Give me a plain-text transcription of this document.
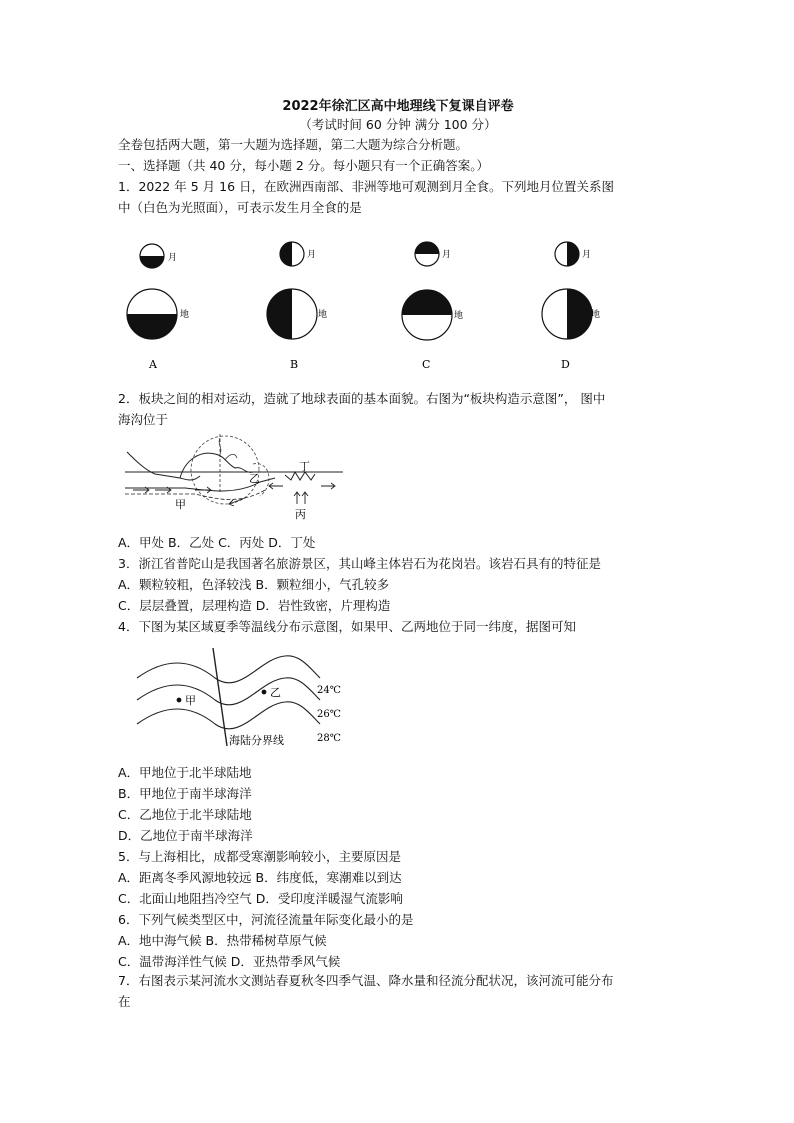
2022年徐汇区高中地理线下复课自评卷
（考试时间 60 分钟 满分 100 分）

全卷包括两大题，第一大题为选择题，第二大题为综合分析题。

一、选择题（共 40 分，每小题 2 分。每小题只有一个正确答案。）

1．2022 年 5 月 16 日，在欧洲西南部、非洲等地可观测到月全食。下列地月位置关系图

中（白色为光照面），可表示发生月全食的是

月
地
A
月
地
B
月
地
C
月
地
D

2．板块之间的相对运动，造就了地球表面的基本面貌。右图为“板块构造示意图”， 图中

海沟位于

甲
乙
丙
丁

A．甲处 B．乙处 C．丙处 D．丁处

3．浙江省普陀山是我国著名旅游景区，其山峰主体岩石为花岗岩。该岩石具有的特征是

A．颗粒较粗，色泽较浅 B．颗粒细小，气孔较多

C．层层叠置，层理构造 D．岩性致密，片理构造

4．下图为某区域夏季等温线分布示意图，如果甲、乙两地位于同一纬度，据图可知

甲
乙	24℃
26℃
28℃
海陆分界线

A．甲地位于北半球陆地

B．甲地位于南半球海洋

C．乙地位于北半球陆地

D．乙地位于南半球海洋

5．与上海相比，成都受寒潮影响较小，主要原因是

A．距离冬季风源地较远 B．纬度低，寒潮难以到达

C．北面山地阻挡冷空气 D．受印度洋暖湿气流影响

6．下列气候类型区中，河流径流量年际变化最小的是

A．地中海气候 B．热带稀树草原气候

C．温带海洋性气候 D．亚热带季风气候

7．右图表示某河流水文测站春夏秋冬四季气温、降水量和径流分配状况，该河流可能分布

在
